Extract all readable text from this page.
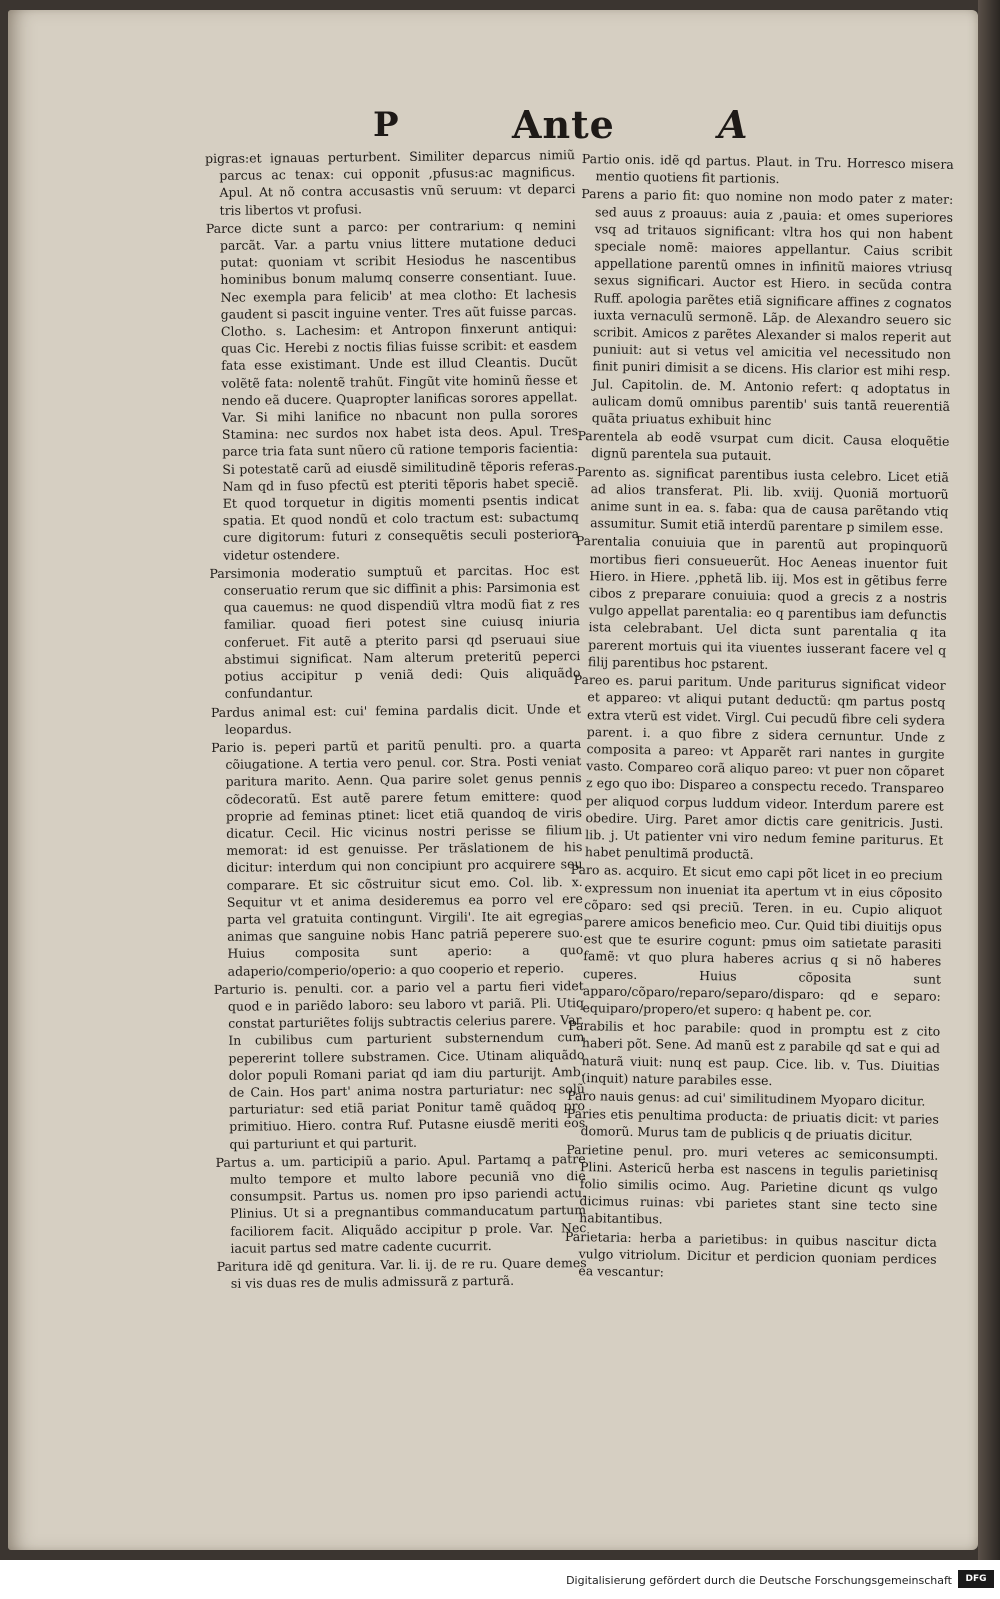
P	Ante	A

pigras:et ignauas perturbent. Similiter deparcus nimiũ parcus ac tenax: cui opponit ,pfusus:ac magnificus. Apul. At nõ contra accusastis vnũ seruum: vt deparci tris libertos vt profusi.

Parce dicte sunt a parco: per contrarium: q nemini parcãt. Var. a partu vnius littere mutatione deduci putat: quoniam vt scribit Hesiodus he nascentibus hominibus bonum malumq conserre consentiant. Iuue. Nec exempla para felicib' at mea clotho: Et lachesis gaudent si pascit inguine venter. Tres aũt fuisse parcas. Clotho. s. Lachesim: et Antropon finxerunt antiqui: quas Cic. Herebi z noctis filias fuisse scribit: et easdem fata esse existimant. Unde est illud Cleantis. Ducũt volẽtẽ fata: nolentẽ trahũt. Fingũt vite hominũ ñesse et nendo eã ducere. Quapropter lanificas sorores appellat. Var. Si mihi lanifice no nbacunt non pulla sorores Stamina: nec surdos nox habet ista deos. Apul. Tres parce tria fata sunt nũero cũ ratione temporis facientia: Si potestatẽ carũ ad eiusdẽ similitudinẽ tẽporis referas. Nam qd in fuso pfectũ est pteriti tẽporis habet speciẽ. Et quod torquetur in digitis momenti psentis indicat spatia. Et quod nondũ et colo tractum est: subactumq cure digitorum: futuri z consequẽtis seculi posteriora videtur ostendere.

Parsimonia moderatio sumptuũ et parcitas. Hoc est conseruatio rerum que sic diffinit a phis: Parsimonia est qua cauemus: ne quod dispendiũ vltra modũ fiat z res familiar. quoad fieri potest sine cuiusq iniuria conferuet. Fit autẽ a pterito parsi qd pseruaui siue abstimui significat. Nam alterum preteritũ peperci potius accipitur p veniã dedi: Quis aliquãdo confundantur.

Pardus animal est: cui' femina pardalis dicit. Unde et leopardus.

Pario is. peperi partũ et paritũ penulti. pro. a quarta cõiugatione. A tertia vero penul. cor. Stra. Posti veniat paritura marito. Aenn. Qua parire solet genus pennis cõdecoratũ. Est autẽ parere fetum emittere: quod proprie ad feminas ptinet: licet etiã quandoq de viris dicatur. Cecil. Hic vicinus nostri perisse se filium memorat: id est genuisse. Per trãslationem de his dicitur: interdum qui non concipiunt pro acquirere seu comparare. Et sic cõstruitur sicut emo. Col. lib. x. Sequitur vt et anima desideremus ea porro vel ere parta vel gratuita contingunt. Virgili'. Ite ait egregias animas que sanguine nobis Hanc patriã peperere suo. Huius composita sunt aperio: a quo adaperio/comperio/operio: a quo cooperio et reperio.

Parturio is. penulti. cor. a pario vel a partu fieri videt quod e in pariẽdo laboro: seu laboro vt pariã. Pli. Utiq constat parturiẽtes folijs subtractis celerius parere. Var. In cubilibus cum parturient substernendum cum pepererint tollere substramen. Cice. Utinam aliquãdo dolor populi Romani pariat qd iam diu parturijt. Amb. de Cain. Hos part' anima nostra parturiatur: nec solũ parturiatur: sed etiã pariat Ponitur tamẽ quãdoq pro primitiuo. Hiero. contra Ruf. Putasne eiusdẽ meriti eos qui parturiunt et qui parturit.

Partus a. um. participiũ a pario. Apul. Partamq a patre multo tempore et multo labore pecuniã vno die consumpsit. Partus us. nomen pro ipso pariendi actu. Plinius. Ut si a pregnantibus commanducatum partum faciliorem facit. Aliquãdo accipitur p prole. Var. Nec iacuit partus sed matre cadente cucurrit.

Paritura idẽ qd genitura. Var. li. ij. de re ru. Quare demes si vis duas res de mulis admissurã z parturã.

Partio onis. idẽ qd partus. Plaut. in Tru. Horresco misera mentio quotiens fit partionis.

Parens a pario fit: quo nomine non modo pater z mater: sed auus z proauus: auia z ,pauia: et omes superiores vsq ad tritauos significant: vltra hos qui non habent speciale nomẽ: maiores appellantur. Caius scribit appellatione parentũ omnes in infinitũ maiores vtriusq sexus significari. Auctor est Hiero. in secũda contra Ruff. apologia parẽtes etiã significare affines z cognatos iuxta vernaculũ sermonẽ. Lãp. de Alexandro seuero sic scribit. Amicos z parẽtes Alexander si malos reperit aut puniuit: aut si vetus vel amicitia vel necessitudo non finit puniri dimisit a se dicens. His clarior est mihi resp. Jul. Capitolin. de. M. Antonio refert: q adoptatus in aulicam domũ omnibus parentib' suis tantã reuerentiã quãta priuatus exhibuit hinc

Parentela ab eodẽ vsurpat cum dicit. Causa eloquẽtie dignũ parentela sua putauit.

Parento as. significat parentibus iusta celebro. Licet etiã ad alios transferat. Pli. lib. xviij. Quoniã mortuorũ anime sunt in ea. s. faba: qua de causa parẽtando vtiq assumitur. Sumit etiã interdũ parentare p similem esse.

Parentalia conuiuia que in parentũ aut propinquorũ mortibus fieri consueuerũt. Hoc Aeneas inuentor fuit Hiero. in Hiere. ,pphetã lib. iij. Mos est in gẽtibus ferre cibos z preparare conuiuia: quod a grecis z a nostris vulgo appellat parentalia: eo q parentibus iam defunctis ista celebrabant. Uel dicta sunt parentalia q ita parerent mortuis qui ita viuentes iusserant facere vel q filij parentibus hoc pstarent.

Pareo es. parui paritum. Unde pariturus significat videor et appareo: vt aliqui putant deductũ: qm partus postq extra vterũ est videt. Virgl. Cui pecudũ fibre celi sydera parent. i. a quo fibre z sidera cernuntur. Unde z composita a pareo: vt Apparẽt rari nantes in gurgite vasto. Compareo corã aliquo pareo: vt puer non cõparet z ego quo ibo: Dispareo a conspectu recedo. Transpareo per aliquod corpus luddum videor. Interdum parere est obedire. Uirg. Paret amor dictis care genitricis. Justi. lib. j. Ut patienter vni viro nedum femine pariturus. Et habet penultimã productã.

Paro as. acquiro. Et sicut emo capi põt licet in eo precium expressum non inueniat ita apertum vt in eius cõposito cõparo: sed qsi preciũ. Teren. in eu. Cupio aliquot parere amicos beneficio meo. Cur. Quid tibi diuitijs opus est que te esurire cogunt: pmus oim satietate parasiti famẽ: vt quo plura haberes acrius q si nõ haberes cuperes. Huius cõposita sunt apparo/cõparo/reparo/separo/disparo: qd e separo: equiparo/propero/et supero: q habent pe. cor.

Parabilis et hoc parabile: quod in promptu est z cito haberi põt. Sene. Ad manũ est z parabile qd sat e qui ad naturã viuit: nunq est paup. Cice. lib. v. Tus. Diuitias (inquit) nature parabiles esse.

Paro nauis genus: ad cui' similitudinem Myoparo dicitur.

Paries etis penultima producta: de priuatis dicit: vt paries domorũ. Murus tam de publicis q de priuatis dicitur.

Parietine penul. pro. muri veteres ac semiconsumpti. Plini. Astericũ herba est nascens in tegulis parietinisq folio similis ocimo. Aug. Parietine dicunt qs vulgo dicimus ruinas: vbi parietes stant sine tecto sine habitantibus.

Parietaria: herba a parietibus: in quibus nascitur dicta vulgo vitriolum. Dicitur et perdicion quoniam perdices ea vescantur:

Digitalisierung gefördert durch die Deutsche Forschungsgemeinschaft	DFG
